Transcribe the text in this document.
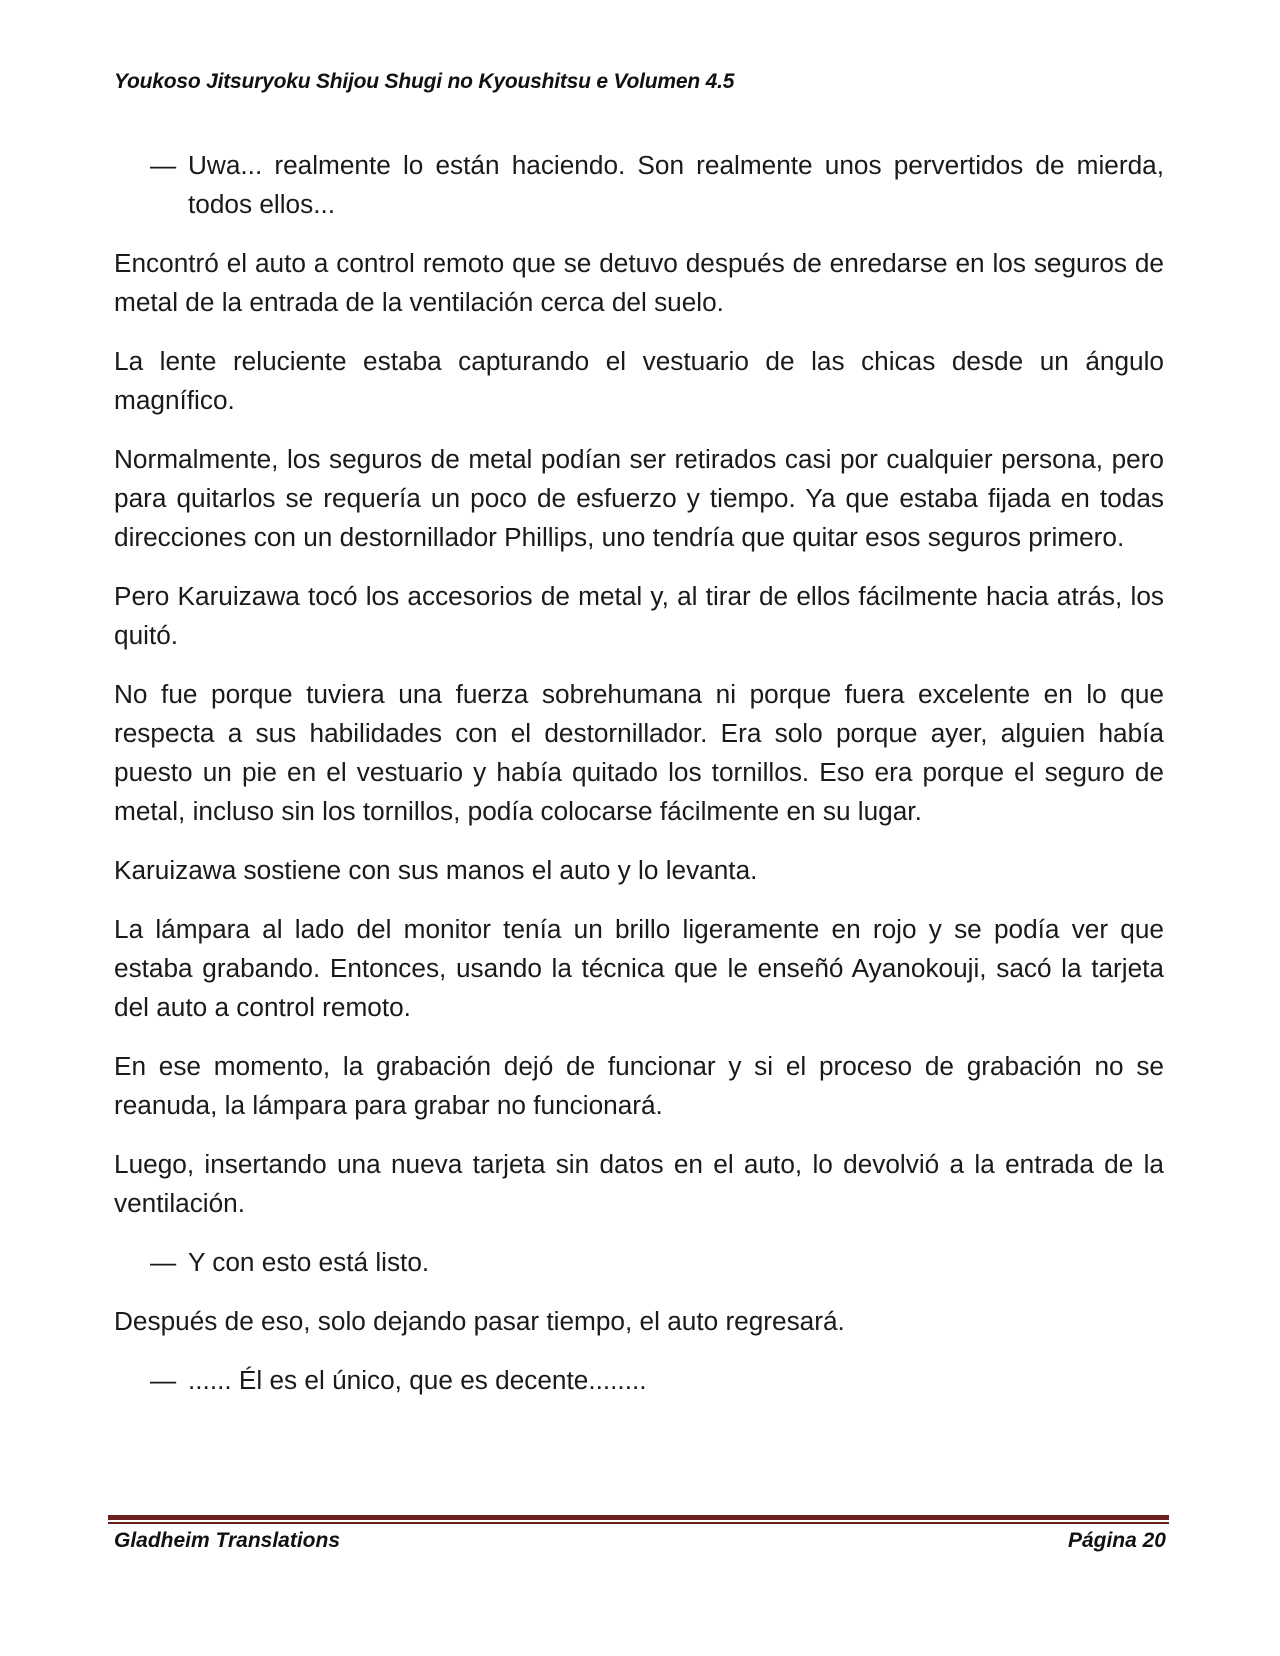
Youkoso Jitsuryoku Shijou Shugi no Kyoushitsu e Volumen 4.5
— Uwa... realmente lo están haciendo. Son realmente unos pervertidos de mierda, todos ellos...

Encontró el auto a control remoto que se detuvo después de enredarse en los seguros de metal de la entrada de la ventilación cerca del suelo.

La lente reluciente estaba capturando el vestuario de las chicas desde un ángulo magnífico.

Normalmente, los seguros de metal podían ser retirados casi por cualquier persona, pero para quitarlos se requería un poco de esfuerzo y tiempo. Ya que estaba fijada en todas direcciones con un destornillador Phillips, uno tendría que quitar esos seguros primero.

Pero Karuizawa tocó los accesorios de metal y, al tirar de ellos fácilmente hacia atrás, los quitó.

No fue porque tuviera una fuerza sobrehumana ni porque fuera excelente en lo que respecta a sus habilidades con el destornillador. Era solo porque ayer, alguien había puesto un pie en el vestuario y había quitado los tornillos. Eso era porque el seguro de metal, incluso sin los tornillos, podía colocarse fácilmente en su lugar.

Karuizawa sostiene con sus manos el auto y lo levanta.

La lámpara al lado del monitor tenía un brillo ligeramente en rojo y se podía ver que estaba grabando. Entonces, usando la técnica que le enseñó Ayanokouji, sacó la tarjeta del auto a control remoto.

En ese momento, la grabación dejó de funcionar y si el proceso de grabación no se reanuda, la lámpara para grabar no funcionará.

Luego, insertando una nueva tarjeta sin datos en el auto, lo devolvió a la entrada de la ventilación.

— Y con esto está listo.

Después de eso, solo dejando pasar tiempo, el auto regresará.

— ...... Él es el único, que es decente........
Gladheim Translations	Página 20
